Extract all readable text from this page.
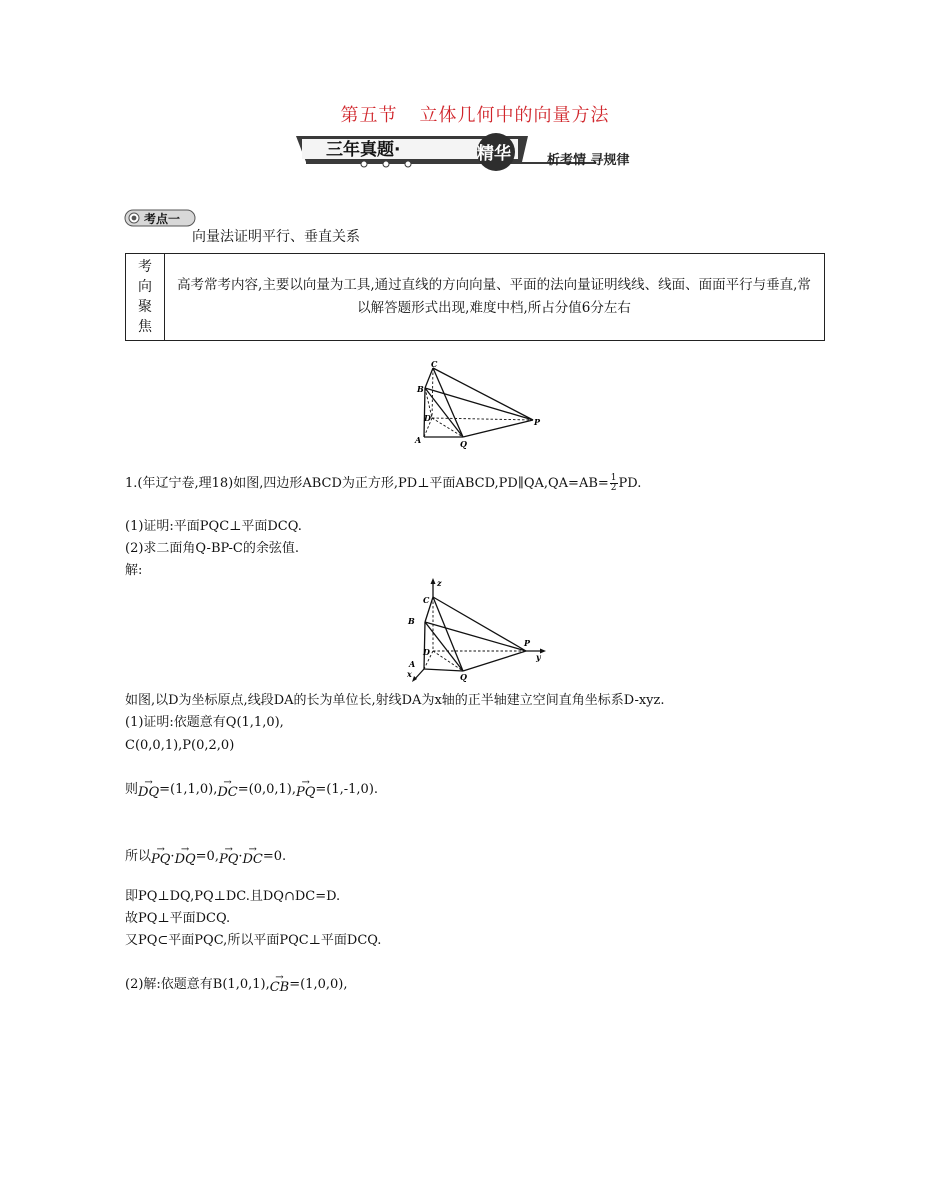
第五节 立体几何中的向量方法
三年真题·	精华	析考情 寻规律
考点一
向量法证明平行、垂直关系
考
向
聚
焦
高考常考内容,主要以向量为工具,通过直线的方向向量、平面的法向量证明线线、线面、面面平行与垂直,常以解答题形式出现,难度中档,所占分值6分左右
C
B
D
A	Q
P
1.(年辽宁卷,理18)如图,四边形ABCD为正方形,PD⊥平面ABCD,PD∥QA,QA=AB= $\frac{1}{2}$ PD.
(1)证明:平面PQC⊥平面DCQ.
(2)求二面角Q-BP-C的余弦值.
解:
z
C
B
D
A
x	Q
P
y
如图,以D为坐标原点,线段DA的长为单位长,射线DA为x轴的正半轴建立空间直角坐标系D-xyz.
(1)证明:依题意有Q(1,1,0),
C(0,0,1),P(0,2,0)
则→ DQ=(1,1,0),→ DC=(0,0,1),→ PQ=(1,-1,0).
所以→ PQ·→ DQ=0,→ PQ·→ DC=0.
即PQ⊥DQ,PQ⊥DC.且DQ∩DC=D.
故PQ⊥平面DCQ.
又PQ⊂平面PQC,所以平面PQC⊥平面DCQ.
(2)解:依题意有B(1,0,1),→ CB=(1,0,0),
